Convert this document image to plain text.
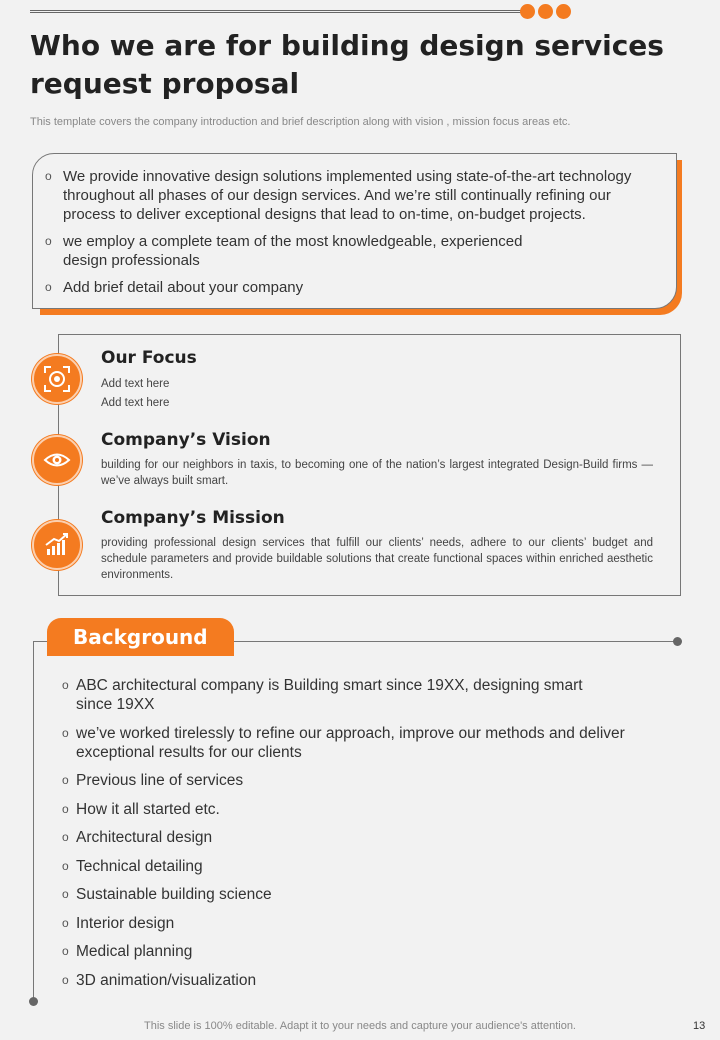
Who we are for building design services request proposal

This template covers the company introduction and brief description along with vision , mission focus areas etc.

o We provide innovative design solutions implemented using state-of-the-art technology throughout all phases of our design services. And we’re still continually refining our process to deliver exceptional designs that lead to on-time, on-budget projects.
o we employ a complete team of the most knowledgeable, experienced design professionals
o Add brief detail about your company
Our Focus
Add text here
Add text here
Company’s Vision
building for our neighbors in taxis, to becoming one of the nation’s largest integrated Design-Build firms — we’ve always built smart.
Company’s Mission
providing professional design services that fulfill our clients’ needs, adhere to our clients’ budget and schedule parameters and provide buildable solutions that create functional spaces within enriched aesthetic environments.
Background
o ABC architectural company is Building smart since 19XX, designing smart since 19XX
o we’ve worked tirelessly to refine our approach, improve our methods and deliver exceptional results for our clients
o Previous line of services
o How it all started etc.
o Architectural design
o Technical detailing
o Sustainable building science
o Interior design
o Medical planning
o 3D animation/visualization

This slide is 100% editable. Adapt it to your needs and capture your audience's attention.	13
